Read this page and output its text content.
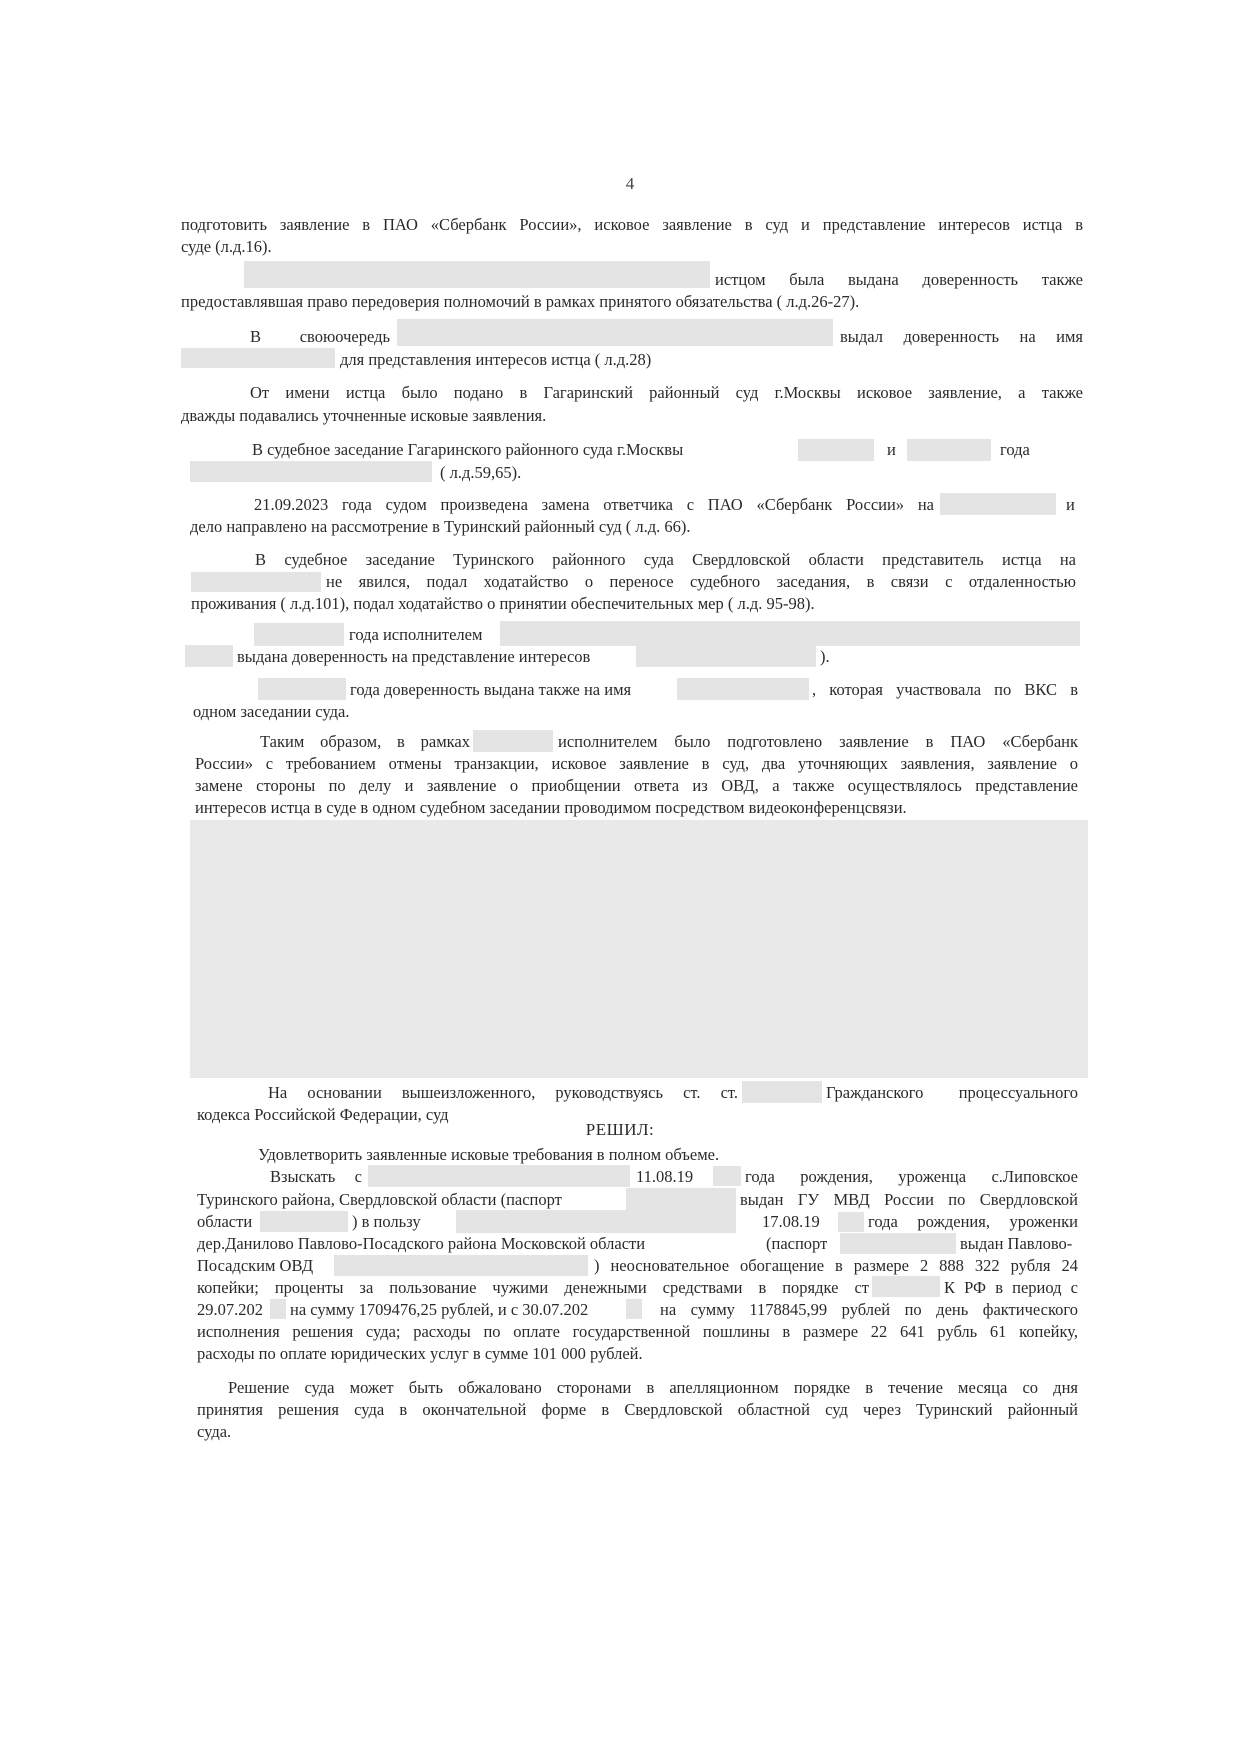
4
подготовить заявление в ПАО «Сбербанк России», исковое заявление в суд и представление интересов истца в
суде (л.д.16).
истцом была выдана доверенность также
предоставлявшая право передоверия полномочий в рамках принятого обязательства ( л.д.26-27).
В своюочередь	выдал доверенность на имя
для представления интересов истца ( л.д.28)
От имени истца было подано в Гагаринский районный суд г.Москвы исковое заявление, а также
дважды подавались уточненные исковые заявления.
В судебное заседание Гагаринского районного суда г.Москвы	и	года
( л.д.59,65).
21.09.2023 года судом произведена замена ответчика с ПАО «Сбербанк России» на	и
дело направлено на рассмотрение в Туринский районный суд ( л.д. 66).
В судебное заседание Туринского районного суда Свердловской области представитель истца на
не явился, подал ходатайство о переносе судебного заседания, в связи с отдаленностью
проживания ( л.д.101), подал ходатайство о принятии обеспечительных мер ( л.д. 95-98).
года исполнителем
выдана доверенность на представление интересов	).
года доверенность выдана также на имя	, которая участвовала по ВКС в
одном заседании суда.
Таким образом, в рамках	исполнителем было подготовлено заявление в ПАО «Сбербанк
России» с требованием отмены транзакции, исковое заявление в суд, два уточняющих заявления, заявление о
замене стороны по делу и заявление о приобщении ответа из ОВД, а также осуществлялось представление
интересов истца в суде в одном судебном заседании проводимом посредством видеоконференцсвязи.
На основании вышеизложенного, руководствуясь ст. ст.	Гражданского процессуального
кодекса Российской Федерации, суд
РЕШИЛ:
Удовлетворить заявленные исковые требования в полном объеме.
Взыскать с	11.08.19	года рождения, уроженца с.Липовское
Туринского района, Свердловской области (паспорт	выдан ГУ МВД России по Свердловской
области	) в пользу	17.08.19	года рождения, уроженки
дер.Данилово Павлово-Посадского района Московской области	(паспорт	выдан Павлово-
Посадским ОВД	) неосновательное обогащение в размере 2 888 322 рубля 24
копейки; проценты за пользование чужими денежными средствами в порядке ст	К РФ в период с
29.07.202 на сумму 1709476,25 рублей, и с 30.07.202	на сумму 1178845,99 рублей по день фактического
исполнения решения суда; расходы по оплате государственной пошлины в размере 22 641 рубль 61 копейку,
расходы по оплате юридических услуг в сумме 101 000 рублей.
Решение суда может быть обжаловано сторонами в апелляционном порядке в течение месяца со дня
принятия решения суда в окончательной форме в Свердловской областной суд через Туринский районный
суда.
